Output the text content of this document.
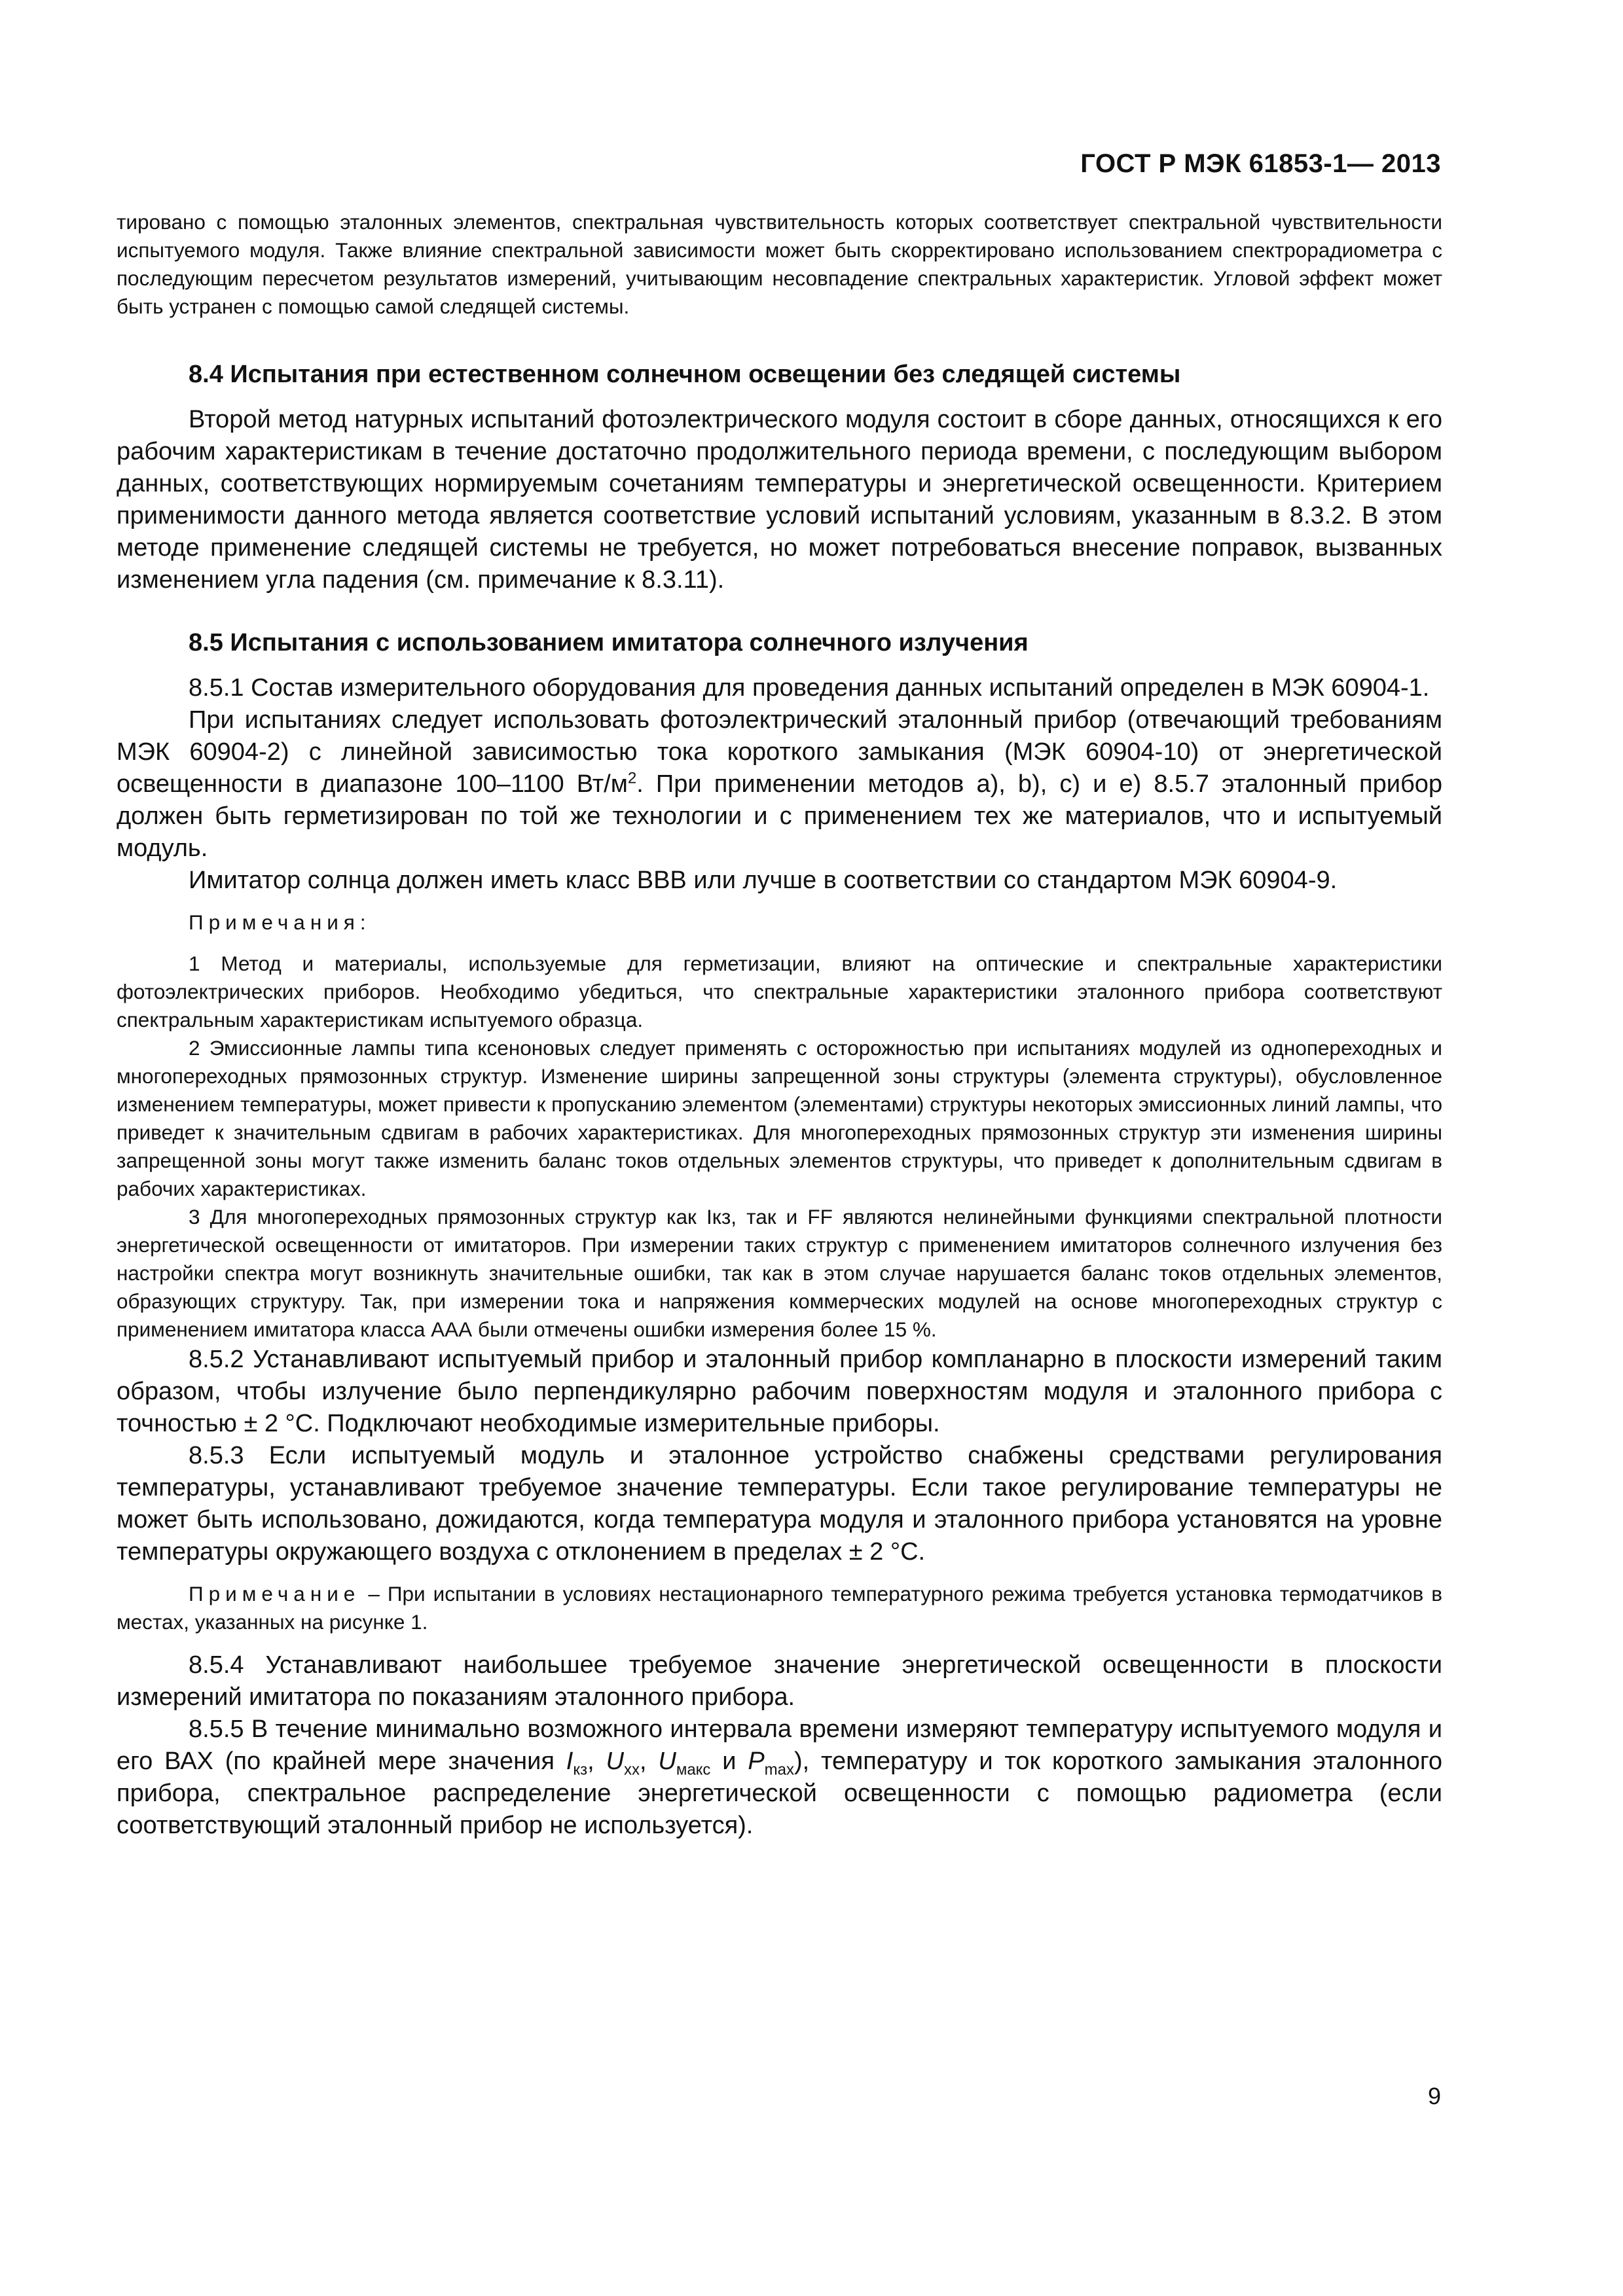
ГОСТ Р МЭК 61853-1— 2013

тировано с помощью эталонных элементов, спектральная чувствительность которых соответствует спектральной чувствительности испытуемого модуля. Также влияние спектральной зависимости может быть скорректировано использованием спектрорадиометра с последующим пересчетом результатов измерений, учитывающим несовпадение спектральных характеристик. Угловой эффект может быть устранен с помощью самой следящей системы.

8.4 Испытания при естественном солнечном освещении без следящей системы

Второй метод натурных испытаний фотоэлектрического модуля состоит в сборе данных, относящихся к его рабочим характеристикам в течение достаточно продолжительного периода времени, с последующим выбором данных, соответствующих нормируемым сочетаниям температуры и энергетической освещенности. Критерием применимости данного метода является соответствие условий испытаний условиям, указанным в 8.3.2. В этом методе применение следящей системы не требуется, но может потребоваться внесение поправок, вызванных изменением угла падения (см. примечание к 8.3.11).

8.5 Испытания с использованием имитатора солнечного излучения

8.5.1 Состав измерительного оборудования для проведения данных испытаний определен в МЭК 60904-1.

При испытаниях следует использовать фотоэлектрический эталонный прибор (отвечающий требованиям МЭК 60904-2) с линейной зависимостью тока короткого замыкания (МЭК 60904-10) от энергетической освещенности в диапазоне 100–1100 $Вт/м^2$. При применении методов a), b), c) и e) 8.5.7 эталонный прибор должен быть герметизирован по той же технологии и с применением тех же материалов, что и испытуемый модуль.

Имитатор солнца должен иметь класс ВВВ или лучше в соответствии со стандартом МЭК 60904-9.

Примечания:

1 Метод и материалы, используемые для герметизации, влияют на оптические и спектральные характеристики фотоэлектрических приборов. Необходимо убедиться, что спектральные характеристики эталонного прибора соответствуют спектральным характеристикам испытуемого образца.

2 Эмиссионные лампы типа ксеноновых следует применять с осторожностью при испытаниях модулей из однопереходных и многопереходных прямозонных структур. Изменение ширины запрещенной зоны структуры (элемента структуры), обусловленное изменением температуры, может привести к пропусканию элементом (элементами) структуры некоторых эмиссионных линий лампы, что приведет к значительным сдвигам в рабочих характеристиках. Для многопереходных прямозонных структур эти изменения ширины запрещенной зоны могут также изменить баланс токов отдельных элементов структуры, что приведет к дополнительным сдвигам в рабочих характеристиках.

3 Для многопереходных прямозонных структур как Iкз, так и FF являются нелинейными функциями спектральной плотности энергетической освещенности от имитаторов. При измерении таких структур с применением имитаторов солнечного излучения без настройки спектра могут возникнуть значительные ошибки, так как в этом случае нарушается баланс токов отдельных элементов, образующих структуру. Так, при измерении тока и напряжения коммерческих модулей на основе многопереходных структур с применением имитатора класса ААА были отмечены ошибки измерения более 15 %.

8.5.2 Устанавливают испытуемый прибор и эталонный прибор компланарно в плоскости измерений таким образом, чтобы излучение было перпендикулярно рабочим поверхностям модуля и эталонного прибора с точностью ± 2 °С. Подключают необходимые измерительные приборы.

8.5.3 Если испытуемый модуль и эталонное устройство снабжены средствами регулирования температуры, устанавливают требуемое значение температуры. Если такое регулирование температуры не может быть использовано, дожидаются, когда температура модуля и эталонного прибора установятся на уровне температуры окружающего воздуха с отклонением в пределах ± 2 °С.

Примечание – При испытании в условиях нестационарного температурного режима требуется установка термодатчиков в местах, указанных на рисунке 1.

8.5.4 Устанавливают наибольшее требуемое значение энергетической освещенности в плоскости измерений имитатора по показаниям эталонного прибора.

8.5.5 В течение минимально возможного интервала времени измеряют температуру испытуемого модуля и его ВАХ (по крайней мере значения $I_{кз}$, $U_{хх}$, $U_{макс}$ и $P_{max}$), температуру и ток короткого замыкания эталонного прибора, спектральное распределение энергетической освещенности с помощью радиометра (если соответствующий эталонный прибор не используется).

9
